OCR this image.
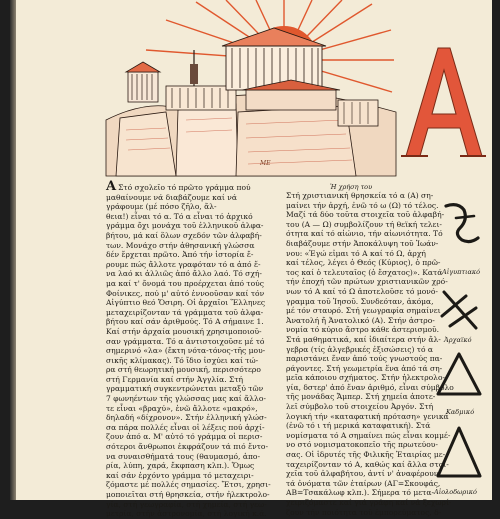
ΜΕ	Α
Α Στό σχολεῖο τό πρῶτο γράμμα πού
μαθαίνουμε νά διαβάζουμε καί νά
γράφουμε (μέ πόσο ζῆλο, ἄλ-
θεια!) εἶναι τό α. Τό α εἶναι τό ἀρχικό
γράμμα ὄχι μονάχα τοῦ ἑλληνικοῦ ἀλφα-
βήτου, μά καί ὅλων σχεδόν τῶν ἀλφαβή-
των. Μονάχο στήν ἀθησανική γλώσσα
δέν ἔρχεται πρῶτο. Ἀπό τήν ἱστορία ἔ-
ρουμε πώς ἄλλοτε γραφόταν τό α ἀπό ἕ-
να λαό κι ἀλλιῶς ἀπό ἄλλο λαό. Τό σχή-
μα καί τ' ὄνομά του προέρχεται ἀπό τούς
Φοίνικες, πού μ' αὐτό ἐννοοῦσαν καί τόν
Αἰγύπτιο θεό Ὄσιρη. Οἱ ἀρχαῖοι Ἕλληνες
μεταχειρίζονταν τά γράμματα τοῦ ἀλφα-
βήτου καί σάν ἀριθμούς. Τό Α σήμαινε 1.
Καί στήν ἀρχαία μουσική χρησιμοποιοῦ-
σαν γράμματα. Τό α ἀντιστοιχοῦσε μέ τό
σημερινό «λα» (ἔκτη νότα-τόνος-τῆς μου-
σικῆς κλίμακας). Τό ἴδιο ἰσχύει καί τώ-
ρα στή θεωρητική μουσική, περισσότερο
στή Γερμανία καί στήν Ἀγγλία. Στή
γραμματική συγκεντρώνεται μεταξύ τῶν
7 φωνηέντων τῆς γλώσσας μας καί ἄλλο-
τε εἶναι «βραχύ», ἐνῶ ἄλλοτε «μακρό»,
δηλαδή «δίχρονον». Στήν ἑλληνική γλώσ-
σα πάρα πολλές εἶναι οἱ λέξεις πού ἀρχί-
ζουν ἀπό α. Μ' αὐτό τό γράμμα οἱ περισ-
σότεροι ἄνθρωποι ἐκφράζουν τά πιό ἔντο-
να συναισθήματά τους (θαυμασμό, ἀπο-
ρία, λύπη, χαρά, ἔκφπαση κλπ.). Ὅμως
καί σάν ἑρχόντο γράμμα τό μεταχειρι-
ζόμαστε μέ πολλές σημασίες. Ἔτσι, χρησι-
μοποιεῖται στή θρησκεία, στήν ἠλεκτρολο-
γία, στή γεωγραφία, στή χημεία, στή γεω-
μετρία, στήν ἀστρονομία, στή λογική κ.ά.
Ἡ χρήση του
Στή χριστιανική θρησκεία τό α (Α) ση-
μαίνει τήν ἀρχή, ἐνῶ τό ω (Ω) τό τέλος.
Μαζί τά δύο τοῦτα στοιχεῖα τοῦ ἀλφαβή-
του (Α — Ω) συμβολίζουν τή θεϊκή τελει-
ότητα καί τό αἰώνιο, τήν αἰωνιότητα. Τό
διαβάζουμε στήν Ἀποκάλυψη τοῦ Ἰωάν-
νου: «Ἐγώ εἰμαι τό Α καί τό Ω, ἀρχή
καί τέλος, λέγει ὁ Θεός (Κύριος), ὁ πρῶ-
τος καί ὁ τελευταῖος (ὁ ἔσχατος)». Κατά
τήν ἐποχή τῶν πρώτων χριστιανικῶν χρό-
νων τό Α καί τό Ω ἀποτελοῦσε τό μονό-
γραμμα τοῦ Ἰησοῦ. Συνδεόταν, ἀκόμα,
μέ τόν σταυρό. Στή γεωγραφία σημαίνει
Ἀνατολή ἤ Ἀνατολικό (Α). Στήν ἀστρο-
νομία τό κύριο ἄστρο κάθε ἀστερισμοῦ.
Στά μαθηματικά, καί ἰδιαίτερα στήν ἄλ-
γεβρα (τίς ἀλγεβρικές ἐξισώσεις) τό α
παριστάνει ἕναν ἀπό τούς γνωστούς πα-
ράγοντες. Στή γεωμετρία ἕνα ἀπό τά ση-
μεῖα κάποιου σχήματος. Στήν ἠλεκτρολο-
γία, δστερ' ἀπό ἕναν ἀριθμό, εἶναι σύμβολο
τῆς μονάδας Ἄμπερ. Στή χημεία ἀποτε-
λεῖ σύμβολο τοῦ στοιχείου Ἀργόν. Στή
λογική τήν «καταφατική πρόταση» γενικά
(ἐνῶ τό ι τή μερικά καταφατική). Στά
νομίσματα τό Α σημαίνει πώς εἶναι κομμέ-
νο στό νομισματοκοπεῖο τῆς πρωτεύου-
σας. Οἱ ἱδρυτές τῆς Φιλικῆς Ἑταιρίας με-
ταχειρίζονταν τό Α, καθώς καί ἄλλα στοι-
χεῖα τοῦ ἀλφαβήτου, ἀντί ν' ἀναφέρουν
τά ὀνόματα τῶν ἑταίρων (ΑΓ=Σκουφάς,
ΑΒ=Τσακάλωφ κλπ.). Σήμερα τό μετα-
χειριζόμαστε καί γιά γράφη καί νά ξεχωρί-
ζουν τήν ποιότητα τοῦ ἐμπορεύματος, δ-
Αἰγυπτιακό
Ἀρχαϊκό
Καδμικό
Αἰολοδωρικό
